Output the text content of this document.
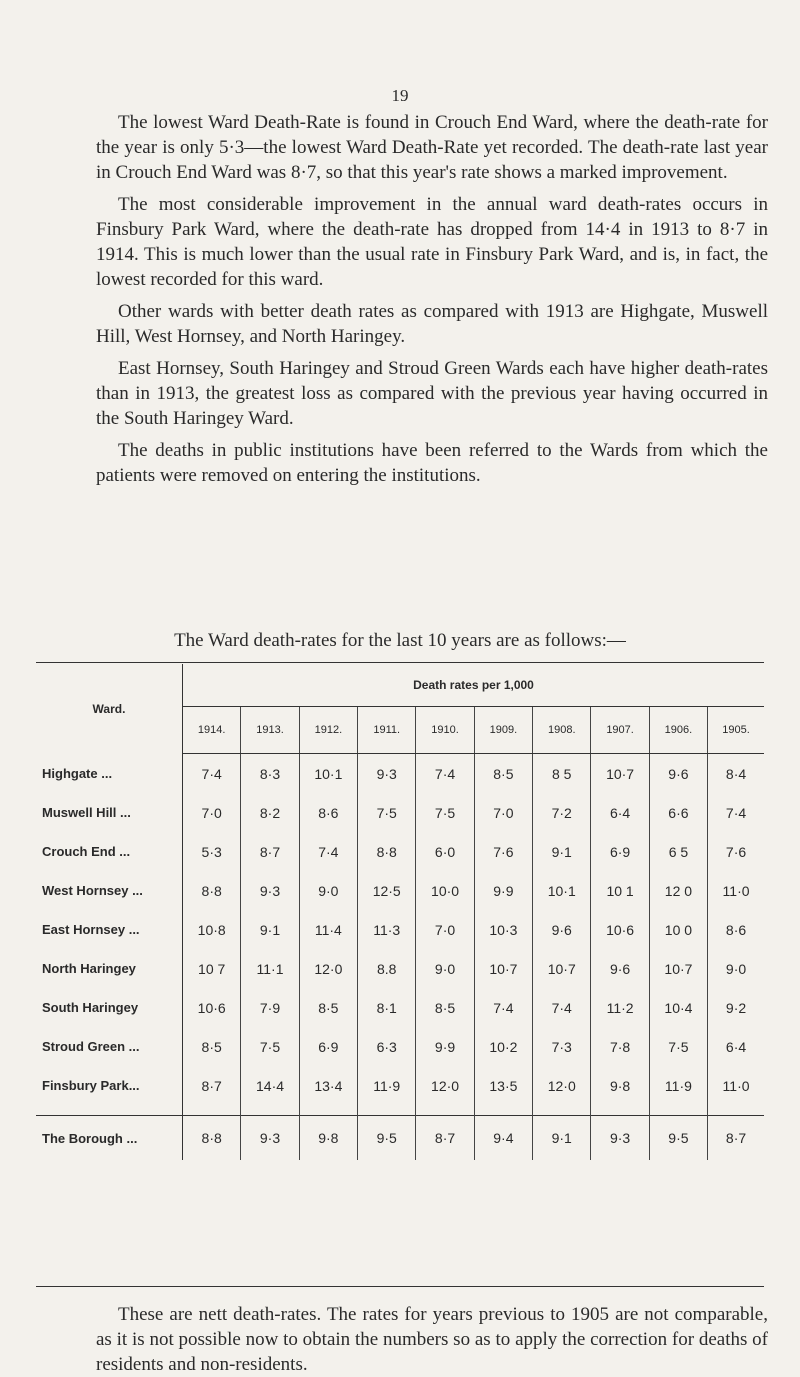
19

The lowest Ward Death-Rate is found in Crouch End Ward, where the death-rate for the year is only 5·3—the lowest Ward Death-Rate yet recorded. The death-rate last year in Crouch End Ward was 8·7, so that this year's rate shows a marked improvement.

The most considerable improvement in the annual ward death-rates occurs in Finsbury Park Ward, where the death-rate has dropped from 14·4 in 1913 to 8·7 in 1914. This is much lower than the usual rate in Finsbury Park Ward, and is, in fact, the lowest recorded for this ward.

Other wards with better death rates as compared with 1913 are Highgate, Muswell Hill, West Hornsey, and North Haringey.

East Hornsey, South Haringey and Stroud Green Wards each have higher death-rates than in 1913, the greatest loss as compared with the previous year having occurred in the South Haringey Ward.

The deaths in public institutions have been referred to the Wards from which the patients were removed on entering the institutions.

The Ward death-rates for the last 10 years are as follows:—
Ward.	Death rates per 1,000									
	1914.	1913.	1912.	1911.	1910.	1909.	1908.	1907.	1906.	1905.
Highgate ...	7·4	8·3	10·1	9·3	7·4	8·5	8 5	10·7	9·6	8·4
Muswell Hill ...	7·0	8·2	8·6	7·5	7·5	7·0	7·2	6·4	6·6	7·4
Crouch End ...	5·3	8·7	7·4	8·8	6·0	7·6	9·1	6·9	6 5	7·6
West Hornsey ...	8·8	9·3	9·0	12·5	10·0	9·9	10·1	10 1	12 0	11·0
East Hornsey ...	10·8	9·1	11·4	11·3	7·0	10·3	9·6	10·6	10 0	8·6
North Haringey	10 7	11·1	12·0	8.8	9·0	10·7	10·7	9·6	10·7	9·0
South Haringey	10·6	7·9	8·5	8·1	8·5	7·4	7·4	11·2	10·4	9·2
Stroud Green ...	8·5	7·5	6·9	6·3	9·9	10·2	7·3	7·8	7·5	6·4
Finsbury Park...	8·7	14·4	13·4	11·9	12·0	13·5	12·0	9·8	11·9	11·0

The Borough ...	8·8	9·3	9·8	9·5	8·7	9·4	9·1	9·3	9·5	8·7

These are nett death-rates. The rates for years previous to 1905 are not comparable, as it is not possible now to obtain the numbers so as to apply the correction for deaths of residents and non-residents.
